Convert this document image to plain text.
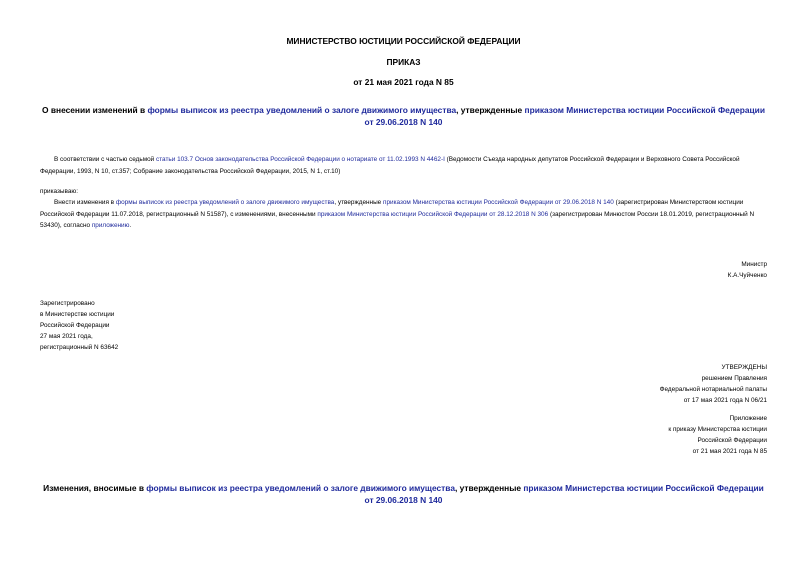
МИНИСТЕРСТВО ЮСТИЦИИ РОССИЙСКОЙ ФЕДЕРАЦИИ
ПРИКАЗ
от 21 мая 2021 года N 85
О внесении изменений в формы выписок из реестра уведомлений о залоге движимого имущества, утвержденные приказом Министерства юстиции Российской Федерации от 29.06.2018 N 140
В соответствии с частью седьмой статьи 103.7 Основ законодательства Российской Федерации о нотариате от 11.02.1993 N 4462-I (Ведомости Съезда народных депутатов Российской Федерации и Верховного Совета Российской Федерации, 1993, N 10, ст.357; Собрание законодательства Российской Федерации, 2015, N 1, ст.10)
приказываю:
Внести изменения в формы выписок из реестра уведомлений о залоге движимого имущества, утвержденные приказом Министерства юстиции Российской Федерации от 29.06.2018 N 140 (зарегистрирован Министерством юстиции Российской Федерации 11.07.2018, регистрационный N 51587), с изменениями, внесенными приказом Министерства юстиции Российской Федерации от 28.12.2018 N 306 (зарегистрирован Минюстом России 18.01.2019, регистрационный N 53430), согласно приложению.
Министр
К.А.Чуйченко
Зарегистрировано
в Министерстве юстиции
Российской Федерации
27 мая 2021 года,
регистрационный N 63642
УТВЕРЖДЕНЫ
решением Правления
Федеральной нотариальной палаты
от 17 мая 2021 года N 06/21
Приложение
к приказу Министерства юстиции
Российской Федерации
от 21 мая 2021 года N 85
Изменения, вносимые в формы выписок из реестра уведомлений о залоге движимого имущества, утвержденные приказом Министерства юстиции Российской Федерации от 29.06.2018 N 140
